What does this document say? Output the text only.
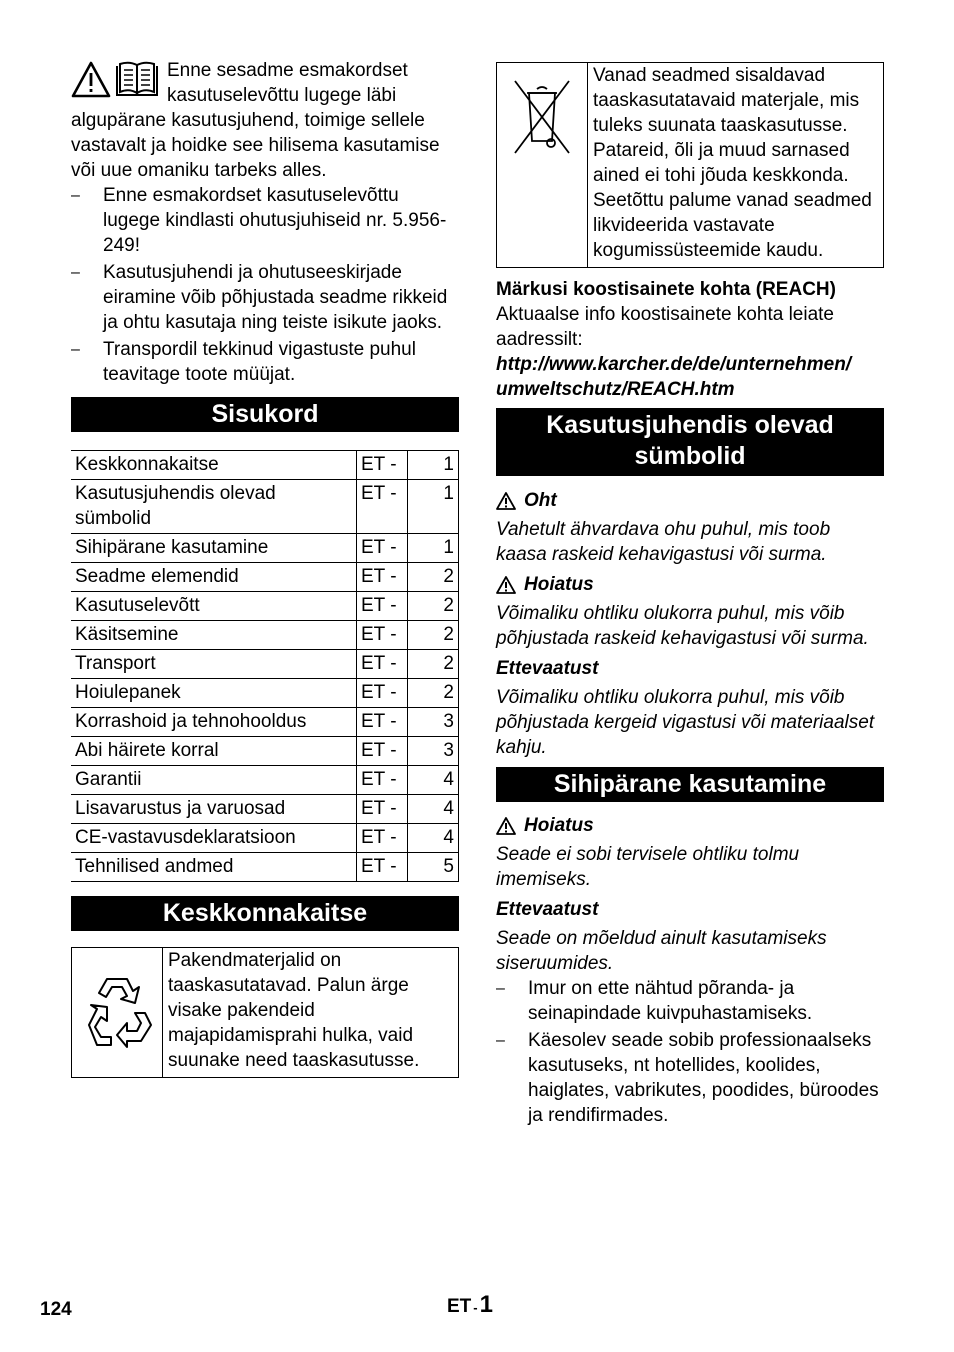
Enne sesadme esmakordset kasutuselevõttu lugege läbi algupärane kasutusjuhend, toimige sellele vastavalt ja hoidke see hilisema kasutamise või uue omaniku tarbeks alles.

– Enne esmakordset kasutuselevõttu lugege kindlasti ohutusjuhiseid nr. 5.956-249!
– Kasutusjuhendi ja ohutuseeskirjade eiramine võib põhjustada seadme rikkeid ja ohtu kasutaja ning teiste isikute jaoks.
– Transpordil tekkinud vigastuste puhul teavitage toote müüjat.
Sisukord
Keskkonnakaitse	ET -	1
Kasutusjuhendis olevad sümbolid	ET -	1
Sihipärane kasutamine	ET -	1
Seadme elemendid	ET -	2
Kasutuselevõtt	ET -	2
Käsitsemine	ET -	2
Transport	ET -	2
Hoiulepanek	ET -	2
Korrashoid ja tehnohooldus	ET -	3
Abi häirete korral	ET -	3
Garantii	ET -	4
Lisavarustus ja varuosad	ET -	4
CE-vastavusdeklaratsioon	ET -	4
Tehnilised andmed	ET -	5
Keskkonnakaitse

Pakendmaterjalid on taaskasutatavad. Palun ärge visake pakendeid majapidamisprahi hulka, vaid suunake need taaskasutusse.

Vanad seadmed sisaldavad taaskasutatavaid materjale, mis tuleks suunata taaskasutusse. Patareid, õli ja muud sarnased ained ei tohi jõuda keskkonda. Seetõttu palume vanad seadmed likvideerida vastavate kogumissüsteemide kaudu.

Märkusi koostisainete kohta (REACH)

Aktuaalse info koostisainete kohta leiate aadressilt:

http://www.karcher.de/de/unternehmen/

umweltschutz/REACH.htm

Kasutusjuhendis olevad
sümbolid
Oht

Vahetult ähvardava ohu puhul, mis toob kaasa raskeid kehavigastusi või surma.

Hoiatus

Võimaliku ohtliku olukorra puhul, mis võib põhjustada raskeid kehavigastusi või surma.

Ettevaatust

Võimaliku ohtliku olukorra puhul, mis võib põhjustada kergeid vigastusi või materiaalset kahju.

Sihipärane kasutamine
Hoiatus

Seade ei sobi tervisele ohtliku tolmu imemiseks.

Ettevaatust

Seade on mõeldud ainult kasutamiseks siseruumides.

– Imur on ette nähtud põranda- ja seinapindade kuivpuhastamiseks.
– Käesolev seade sobib professionaalseks kasutuseks, nt hotellides, koolides, haiglates, vabrikutes, poodides, büroodes ja rendifirmades.
124	ET -1
